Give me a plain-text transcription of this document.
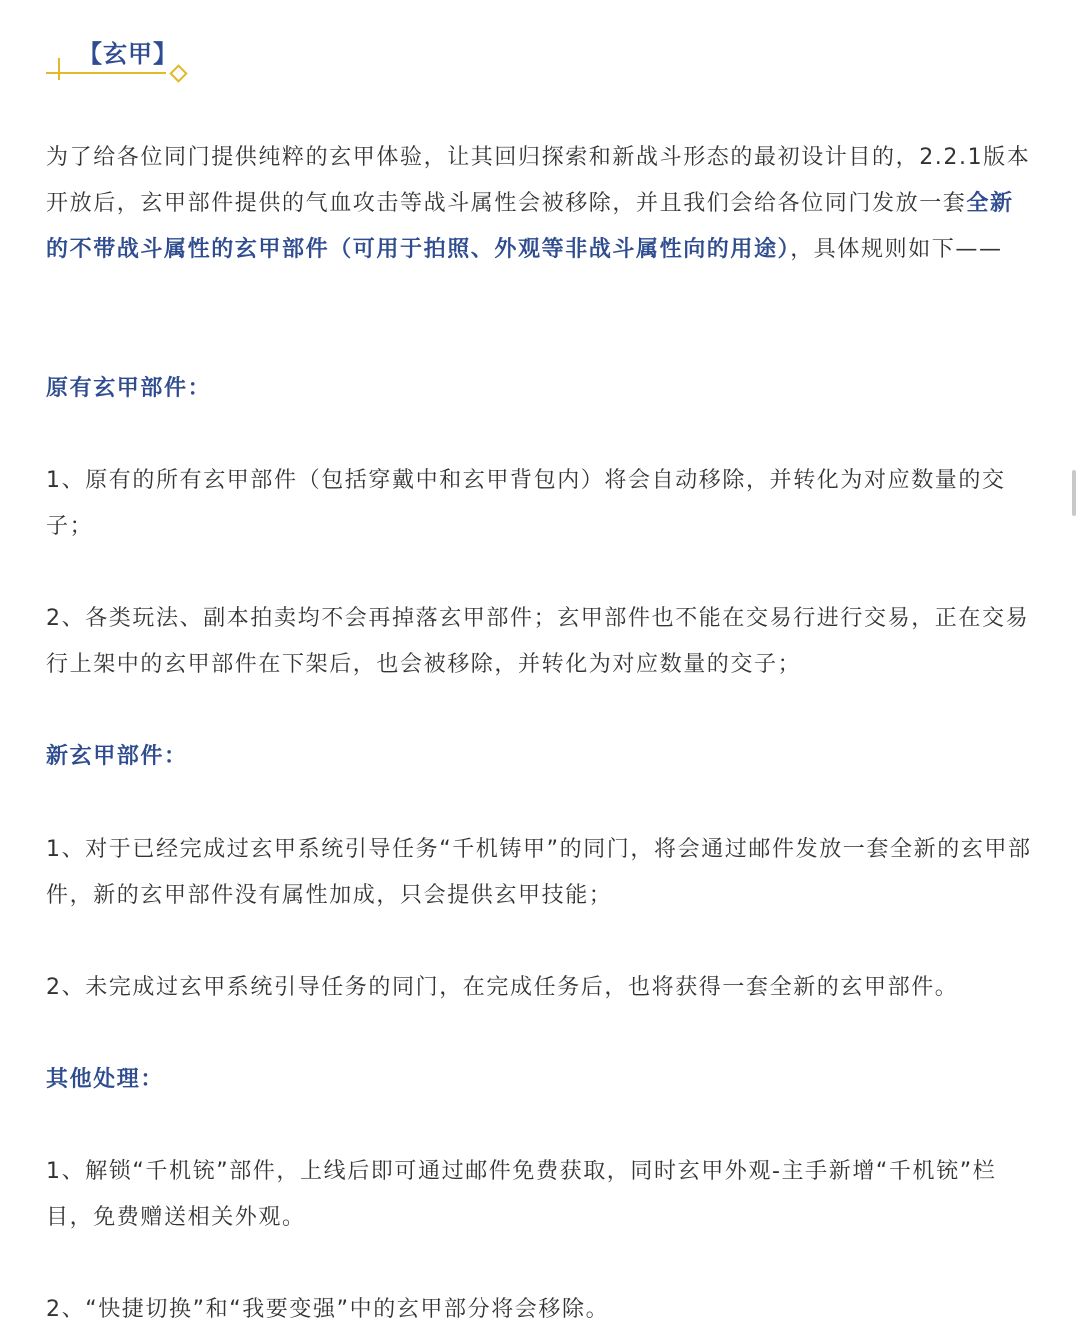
【玄甲】

为了给各位同门提供纯粹的玄甲体验，让其回归探索和新战斗形态的最初设计目的，2.2.1版本开放后，玄甲部件提供的气血攻击等战斗属性会被移除，并且我们会给各位同门发放一套全新的不带战斗属性的玄甲部件（可用于拍照、外观等非战斗属性向的用途），具体规则如下——

原有玄甲部件：

1、原有的所有玄甲部件（包括穿戴中和玄甲背包内）将会自动移除，并转化为对应数量的交子；

2、各类玩法、副本拍卖均不会再掉落玄甲部件；玄甲部件也不能在交易行进行交易，正在交易行上架中的玄甲部件在下架后，也会被移除，并转化为对应数量的交子；

新玄甲部件：

1、对于已经完成过玄甲系统引导任务“千机铸甲”的同门，将会通过邮件发放一套全新的玄甲部件，新的玄甲部件没有属性加成，只会提供玄甲技能；

2、未完成过玄甲系统引导任务的同门，在完成任务后，也将获得一套全新的玄甲部件。

其他处理：

1、解锁“千机铳”部件，上线后即可通过邮件免费获取，同时玄甲外观-主手新增“千机铳”栏目，免费赠送相关外观。

2、“快捷切换”和“我要变强”中的玄甲部分将会移除。
